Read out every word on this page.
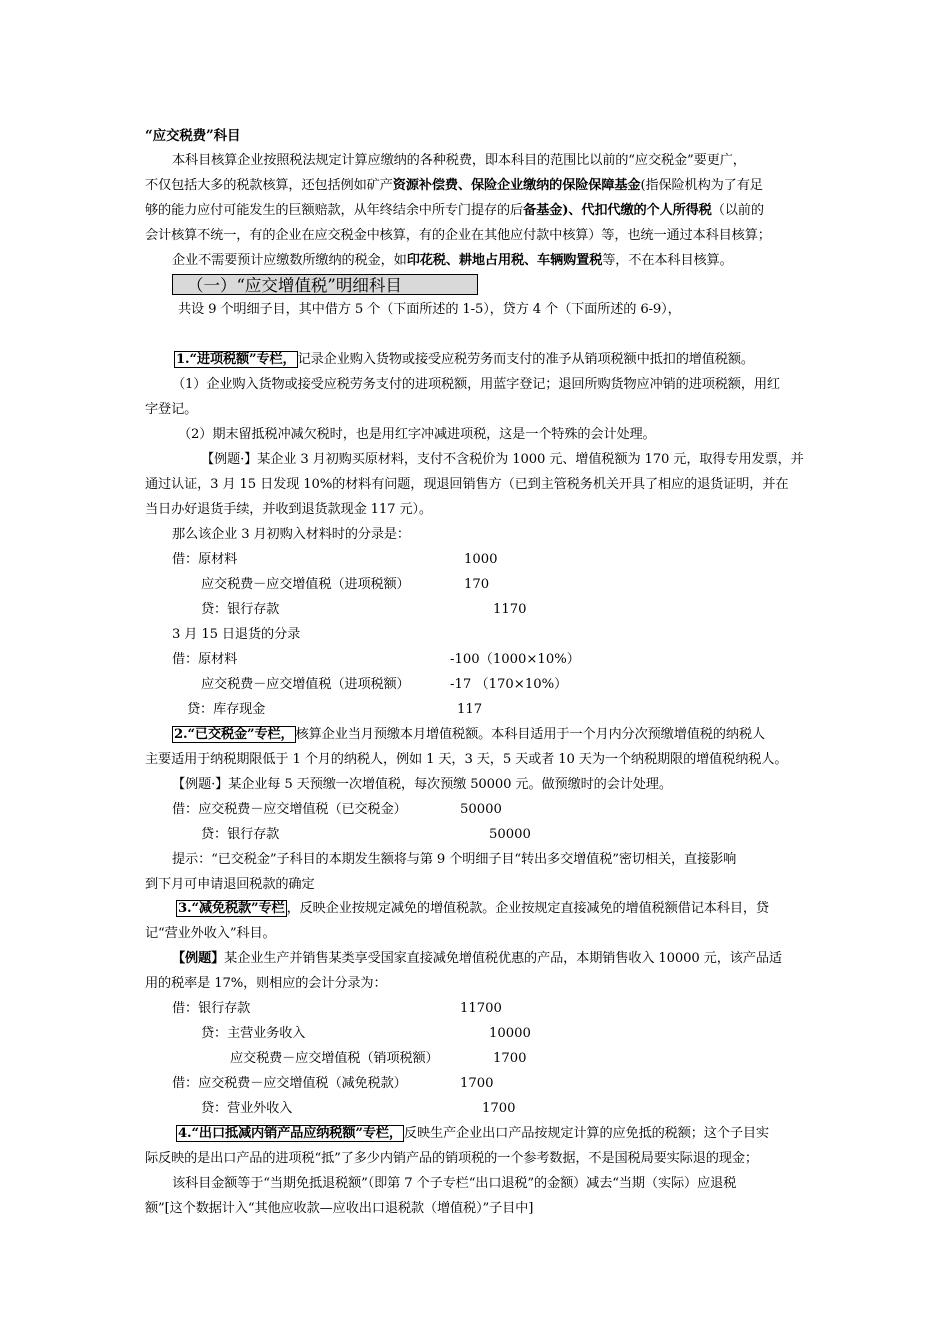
“应交税费”科目
本科目核算企业按照税法规定计算应缴纳的各种税费，即本科目的范围比以前的“应交税金”要更广，
不仅包括大多的税款核算，还包括例如矿产资源补偿费、保险企业缴纳的保险保障基金(指保险机构为了有足
够的能力应付可能发生的巨额赔款，从年终结余中所专门提存的后备基金)、代扣代缴的个人所得税（以前的
会计核算不统一，有的企业在应交税金中核算，有的企业在其他应付款中核算）等，也统一通过本科目核算；
企业不需要预计应缴数所缴纳的税金，如印花税、耕地占用税、车辆购置税等，不在本科目核算。
（一）“应交增值税”明细科目
共设 9 个明细子目，其中借方 5 个（下面所述的 1-5），贷方 4 个（下面所述的 6-9），
1.“进项税额”专栏， 记录企业购入货物或接受应税劳务而支付的准予从销项税额中抵扣的增值税额。
（1）企业购入货物或接受应税劳务支付的进项税额，用蓝字登记；退回所购货物应冲销的进项税额，用红
字登记。
（2）期末留抵税冲减欠税时，也是用红字冲减进项税，这是一个特殊的会计处理。
【例题·】某企业 3 月初购买原材料，支付不含税价为 1000 元、增值税额为 170 元，取得专用发票，并
通过认证，3 月 15 日发现 10%的材料有问题，现退回销售方（已到主管税务机关开具了相应的退货证明，并在
当日办好退货手续，并收到退货款现金 117 元）。
那么该企业 3 月初购入材料时的分录是：
借：原材料	1000
应交税费－应交增值税（进项税额）	170
贷：银行存款	1170
3 月 15 日退货的分录
借：原材料	-100（1000×10%）
应交税费－应交增值税（进项税额）	-17 （170×10%）
贷：库存现金	117
2.“已交税金”专栏， 核算企业当月预缴本月增值税额。本科目适用于一个月内分次预缴增值税的纳税人
主要适用于纳税期限低于 1 个月的纳税人，例如 1 天，3 天，5 天或者 10 天为一个纳税期限的增值税纳税人。
【例题·】某企业每 5 天预缴一次增值税，每次预缴 50000 元。做预缴时的会计处理。
借：应交税费－应交增值税（已交税金）	50000
贷：银行存款	50000
提示：“已交税金”子科目的本期发生额将与第 9 个明细子目“转出多交增值税”密切相关，直接影响
到下月可申请退回税款的确定
3.“减免税款”专栏 ，反映企业按规定减免的增值税款。企业按规定直接减免的增值税额借记本科目，贷
记“营业外收入”科目。
【例题】某企业生产并销售某类享受国家直接减免增值税优惠的产品，本期销售收入 10000 元，该产品适
用的税率是 17%，则相应的会计分录为：
借：银行存款	11700
贷：主营业务收入	10000
应交税费－应交增值税（销项税额）	1700
借：应交税费－应交增值税（减免税款）	1700
贷：营业外收入	1700
4.“出口抵减内销产品应纳税额”专栏， 反映生产企业出口产品按规定计算的应免抵的税额；这个子目实
际反映的是出口产品的进项税“抵”了多少内销产品的销项税的一个参考数据，不是国税局要实际退的现金；
该科目金额等于“当期免抵退税额”（即第 7 个子专栏“出口退税”的金额）减去“当期（实际）应退税
额”[这个数据计入“其他应收款—应收出口退税款（增值税）”子目中]
